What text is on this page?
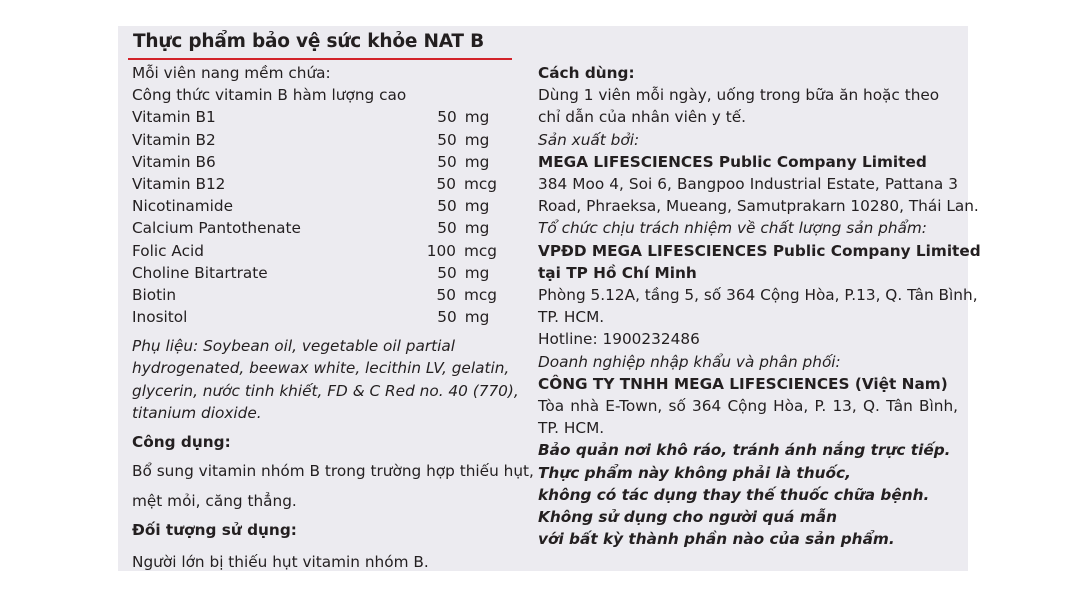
Thực phẩm bảo vệ sức khỏe NAT B
Mỗi viên nang mềm chứa:
Công thức vitamin B hàm lượng cao
Vitamin B1	50 mg
Vitamin B2	50 mg
Vitamin B6	50 mg
Vitamin B12	50 mcg
Nicotinamide	50 mg
Calcium Pantothenate	50 mg
Folic Acid	100 mcg
Choline Bitartrate	50 mg
Biotin	50 mcg
Inositol	50 mg
Phụ liệu: Soybean oil, vegetable oil partial
hydrogenated, beewax white, lecithin LV, gelatin,
glycerin, nước tinh khiết, FD & C Red no. 40 (770),
titanium dioxide.
Công dụng:
Bổ sung vitamin nhóm B trong trường hợp thiếu hụt,
mệt mỏi, căng thẳng.
Đối tượng sử dụng:
Người lớn bị thiếu hụt vitamin nhóm B.
Cách dùng:
Dùng 1 viên mỗi ngày, uống trong bữa ăn hoặc theo
chỉ dẫn của nhân viên y tế.
Sản xuất bởi:
MEGA LIFESCIENCES Public Company Limited
384 Moo 4, Soi 6, Bangpoo Industrial Estate, Pattana 3
Road, Phraeksa, Mueang, Samutprakarn 10280, Thái Lan.
Tổ chức chịu trách nhiệm về chất lượng sản phẩm:
VPĐD MEGA LIFESCIENCES Public Company Limited
tại TP Hồ Chí Minh
Phòng 5.12A, tầng 5, số 364 Cộng Hòa, P.13, Q. Tân Bình,
TP. HCM.
Hotline: 1900232486
Doanh nghiệp nhập khẩu và phân phối:
CÔNG TY TNHH MEGA LIFESCIENCES (Việt Nam)
Tòa nhà E-Town, số 364 Cộng Hòa, P. 13, Q. Tân Bình,
TP. HCM.
Bảo quản nơi khô ráo, tránh ánh nắng trực tiếp.
Thực phẩm này không phải là thuốc,
không có tác dụng thay thế thuốc chữa bệnh.
Không sử dụng cho người quá mẫn
với bất kỳ thành phần nào của sản phẩm.
